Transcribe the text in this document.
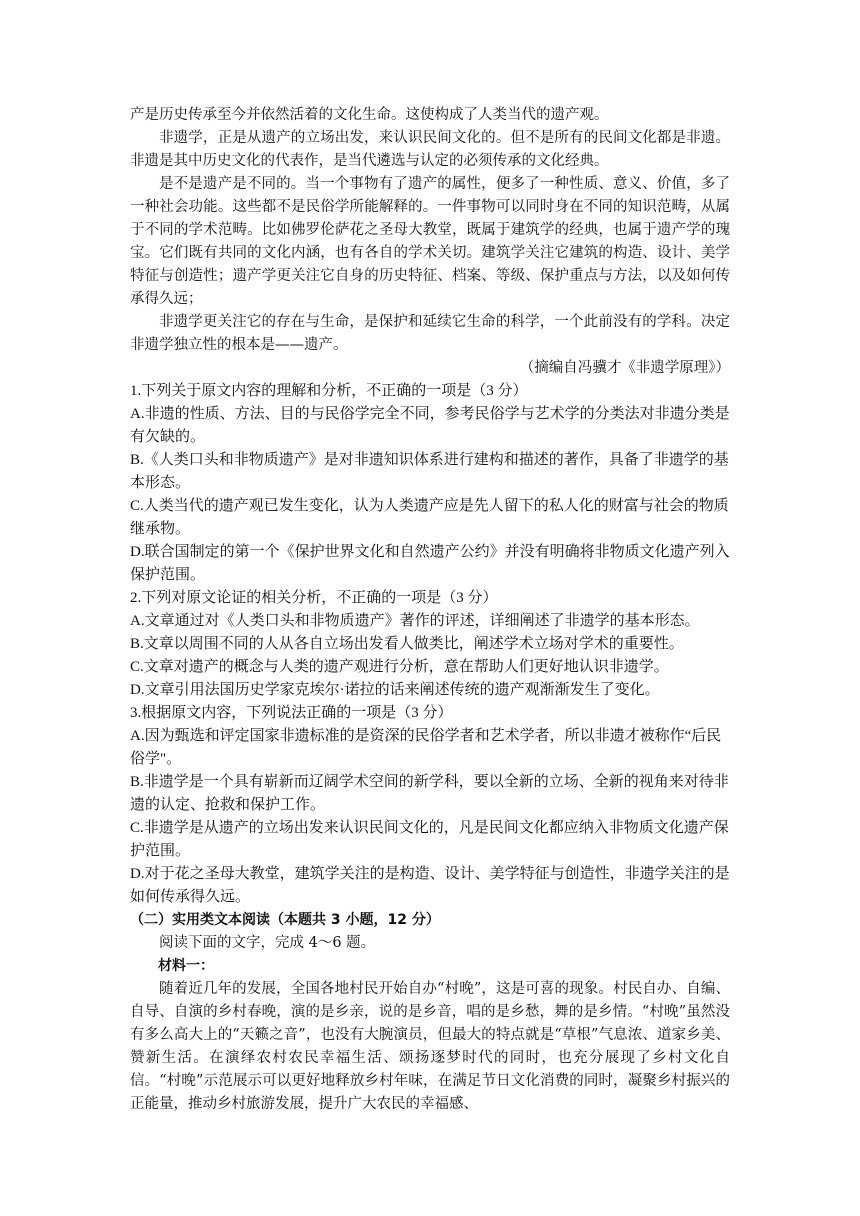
产是历史传承至今并依然活着的文化生命。这使构成了人类当代的遗产观。

非遗学，正是从遗产的立场出发，来认识民间文化的。但不是所有的民间文化都是非遗。非遗是其中历史文化的代表作，是当代遴选与认定的必须传承的文化经典。

是不是遗产是不同的。当一个事物有了遗产的属性，便多了一种性质、意义、价值，多了一种社会功能。这些都不是民俗学所能解释的。一件事物可以同时身在不同的知识范畴，从属于不同的学术范畴。比如佛罗伦萨花之圣母大教堂，既属于建筑学的经典，也属于遗产学的瑰宝。它们既有共同的文化内涵，也有各自的学术关切。建筑学关注它建筑的构造、设计、美学特征与创造性；遗产学更关注它自身的历史特征、档案、等级、保护重点与方法，以及如何传承得久远；

非遗学更关注它的存在与生命，是保护和延续它生命的科学，一个此前没有的学科。决定非遗学独立性的根本是——遗产。

（摘编自冯骥才《非遗学原理》）

1.下列关于原文内容的理解和分析，不正确的一项是（3 分）

A.非遗的性质、方法、目的与民俗学完全不同，参考民俗学与艺术学的分类法对非遗分类是有欠缺的。

B.《人类口头和非物质遗产》是对非遗知识体系进行建构和描述的著作，具备了非遗学的基本形态。

C.人类当代的遗产观已发生变化，认为人类遗产应是先人留下的私人化的财富与社会的物质继承物。

D.联合国制定的第一个《保护世界文化和自然遗产公约》并没有明确将非物质文化遗产列入保护范围。

2.下列对原文论证的相关分析，不正确的一项是（3 分）

A.文章通过对《人类口头和非物质遗产》著作的评述，详细阐述了非遗学的基本形态。

B.文章以周围不同的人从各自立场出发看人做类比，阐述学术立场对学术的重要性。

C.文章对遗产的概念与人类的遗产观进行分析，意在帮助人们更好地认识非遗学。

D.文章引用法国历史学家克埃尔·诺拉的话来阐述传统的遗产观渐渐发生了变化。

3.根据原文内容，下列说法正确的一项是（3 分）

A.因为甄选和评定国家非遗标准的是资深的民俗学者和艺术学者，所以非遗才被称作“后民俗学"。

B.非遗学是一个具有崭新而辽阔学术空间的新学科，要以全新的立场、全新的视角来对待非遗的认定、抢救和保护工作。

C.非遗学是从遗产的立场出发来认识民间文化的，凡是民间文化都应纳入非物质文化遗产保护范围。

D.对于花之圣母大教堂，建筑学关注的是构造、设计、美学特征与创造性，非遗学关注的是如何传承得久远。

（二）实用类文本阅读（本题共 3 小题，12 分）

阅读下面的文字，完成 4～6 题。

材料一：

随着近几年的发展，全国各地村民开始自办“村晚”，这是可喜的现象。村民自办、自编、自导、自演的乡村春晚，演的是乡亲，说的是乡音，唱的是乡愁，舞的是乡情。“村晚”虽然没有多么高大上的“天籁之音”，也没有大腕演员，但最大的特点就是“草根”气息浓、道家乡美、赞新生活。在演绎农村农民幸福生活、颂扬逐梦时代的同时，也充分展现了乡村文化自信。“村晚”示范展示可以更好地释放乡村年味，在满足节日文化消费的同时，凝聚乡村振兴的正能量，推动乡村旅游发展，提升广大农民的幸福感、
